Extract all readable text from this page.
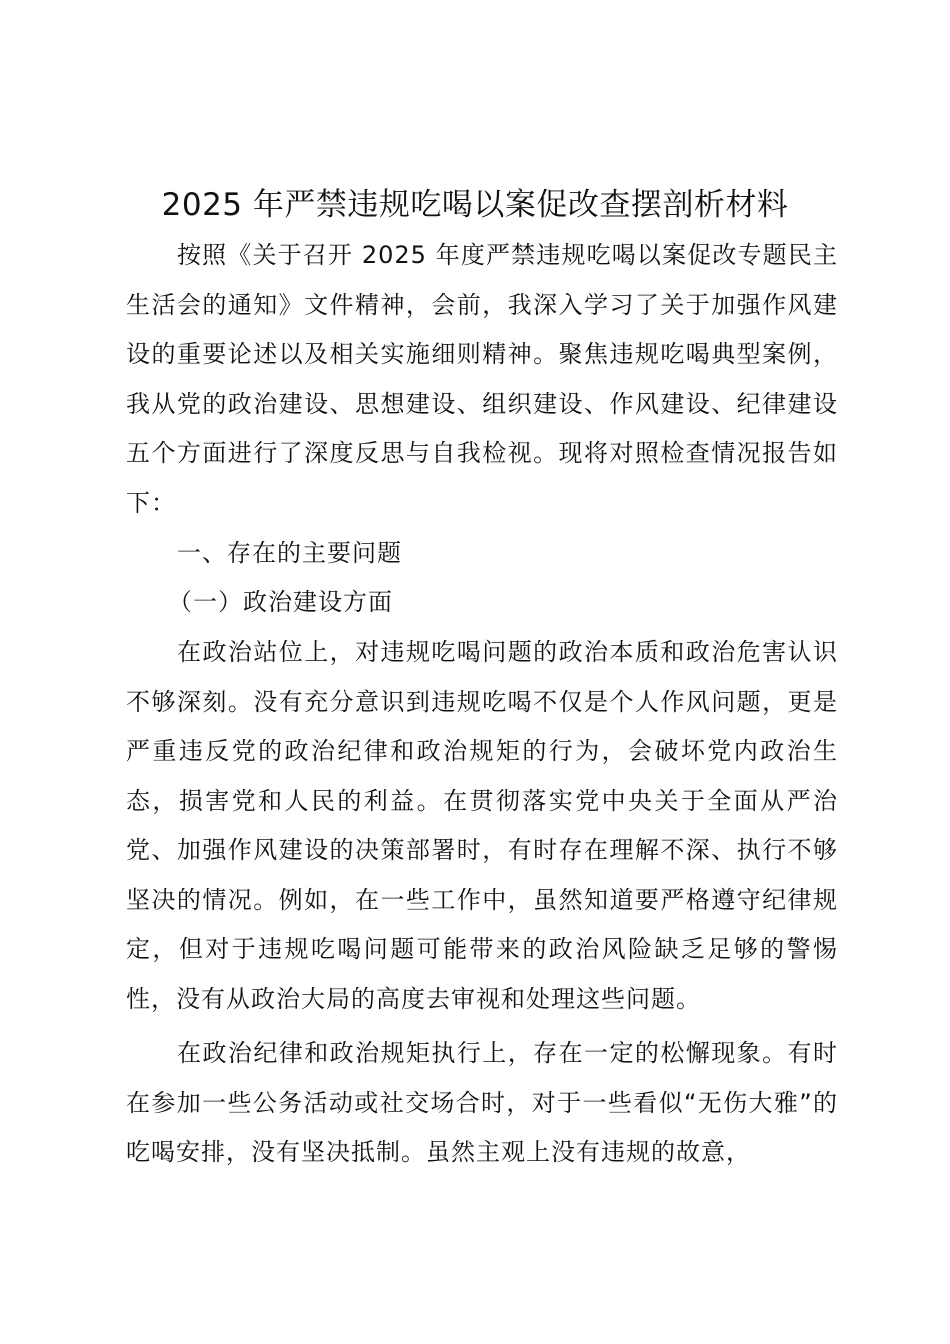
2025 年严禁违规吃喝以案促改查摆剖析材料

按照《关于召开 2025 年度严禁违规吃喝以案促改专题民主生活会的通知》文件精神，会前，我深入学习了关于加强作风建设的重要论述以及相关实施细则精神。聚焦违规吃喝典型案例，我从党的政治建设、思想建设、组织建设、作风建设、纪律建设五个方面进行了深度反思与自我检视。现将对照检查情况报告如下：

一、存在的主要问题
（一）政治建设方面

在政治站位上，对违规吃喝问题的政治本质和政治危害认识不够深刻。没有充分意识到违规吃喝不仅是个人作风问题，更是严重违反党的政治纪律和政治规矩的行为，会破坏党内政治生态，损害党和人民的利益。在贯彻落实党中央关于全面从严治党、加强作风建设的决策部署时，有时存在理解不深、执行不够坚决的情况。例如，在一些工作中，虽然知道要严格遵守纪律规定，但对于违规吃喝问题可能带来的政治风险缺乏足够的警惕性，没有从政治大局的高度去审视和处理这些问题。

在政治纪律和政治规矩执行上，存在一定的松懈现象。有时在参加一些公务活动或社交场合时，对于一些看似“无伤大雅”的吃喝安排，没有坚决抵制。虽然主观上没有违规的故意，
